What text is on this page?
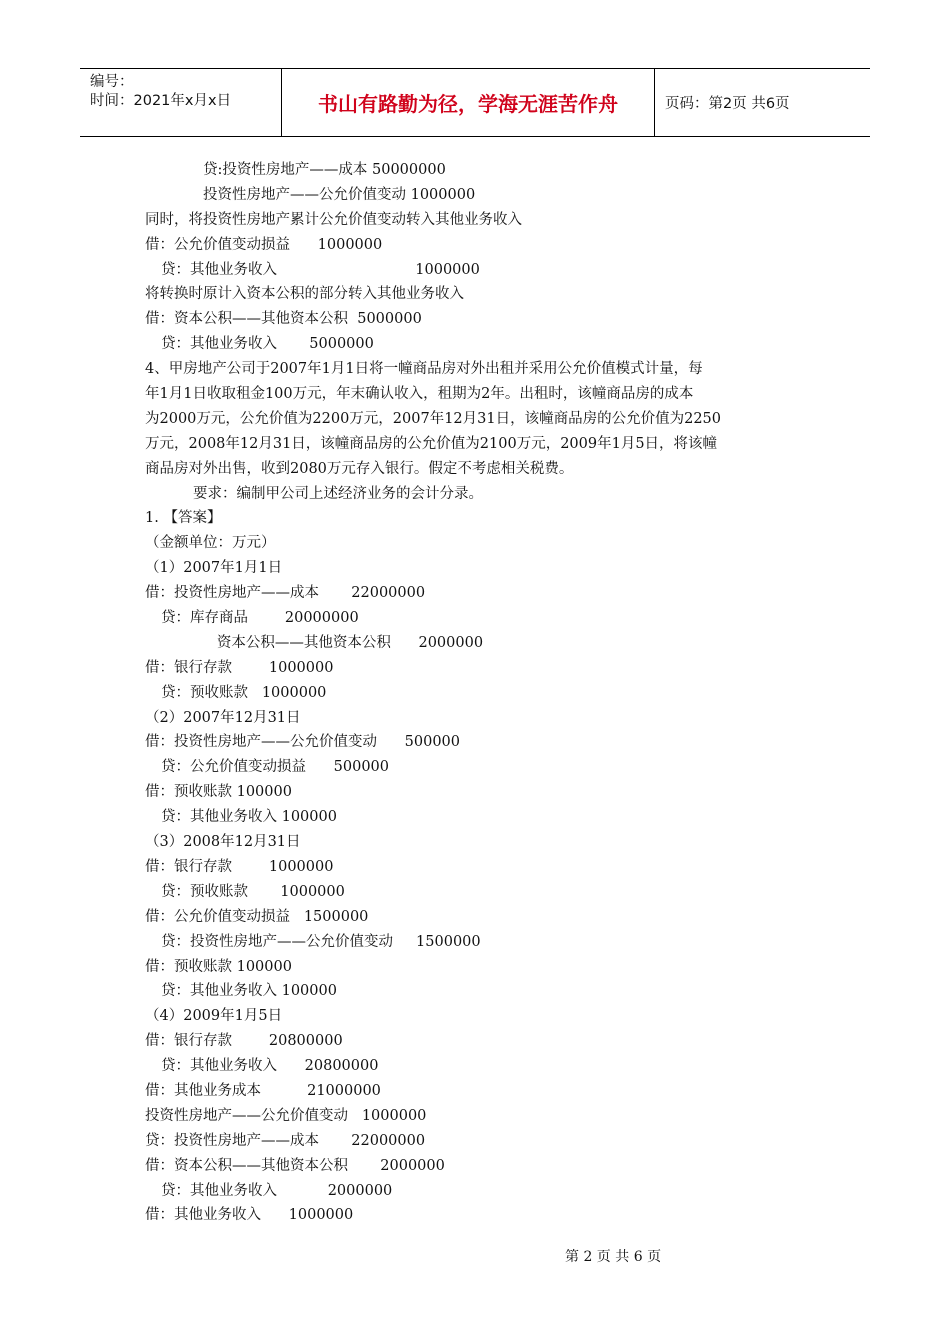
编号：
时间：2021年x月x日	书山有路勤为径，学海无涯苦作舟	页码：第2页 共6页
贷:投资性房地产——成本 50000000
投资性房地产——公允价值变动 1000000
同时，将投资性房地产累计公允价值变动转入其他业务收入
借：公允价值变动损益      1000000
贷：其他业务收入                              1000000
将转换时原计入资本公积的部分转入其他业务收入
借：资本公积——其他资本公积  5000000
贷：其他业务收入       5000000
4、甲房地产公司于2007年1月1日将一幢商品房对外出租并采用公允价值模式计量，每
年1月1日收取租金100万元，年末确认收入，租期为2年。出租时，该幢商品房的成本
为2000万元，公允价值为2200万元，2007年12月31日，该幢商品房的公允价值为2250
万元，2008年12月31日，该幢商品房的公允价值为2100万元，2009年1月5日，将该幢
商品房对外出售，收到2080万元存入银行。假定不考虑相关税费。
要求：编制甲公司上述经济业务的会计分录。
1. 【答案】
（金额单位：万元）
（1）2007年1月1日
借：投资性房地产——成本       22000000
贷：库存商品        20000000
资本公积——其他资本公积      2000000
借：银行存款        1000000
贷：预收账款   1000000
（2）2007年12月31日
借：投资性房地产——公允价值变动      500000
贷：公允价值变动损益      500000
借：预收账款 100000
贷：其他业务收入 100000
（3）2008年12月31日
借：银行存款        1000000
贷：预收账款       1000000
借：公允价值变动损益   1500000
贷：投资性房地产——公允价值变动     1500000
借：预收账款 100000
贷：其他业务收入 100000
（4）2009年1月5日
借：银行存款        20800000
贷：其他业务收入      20800000
借：其他业务成本          21000000
投资性房地产——公允价值变动   1000000
贷：投资性房地产——成本       22000000
借：资本公积——其他资本公积       2000000
贷：其他业务收入           2000000
借：其他业务收入      1000000
第 2 页 共 6 页
